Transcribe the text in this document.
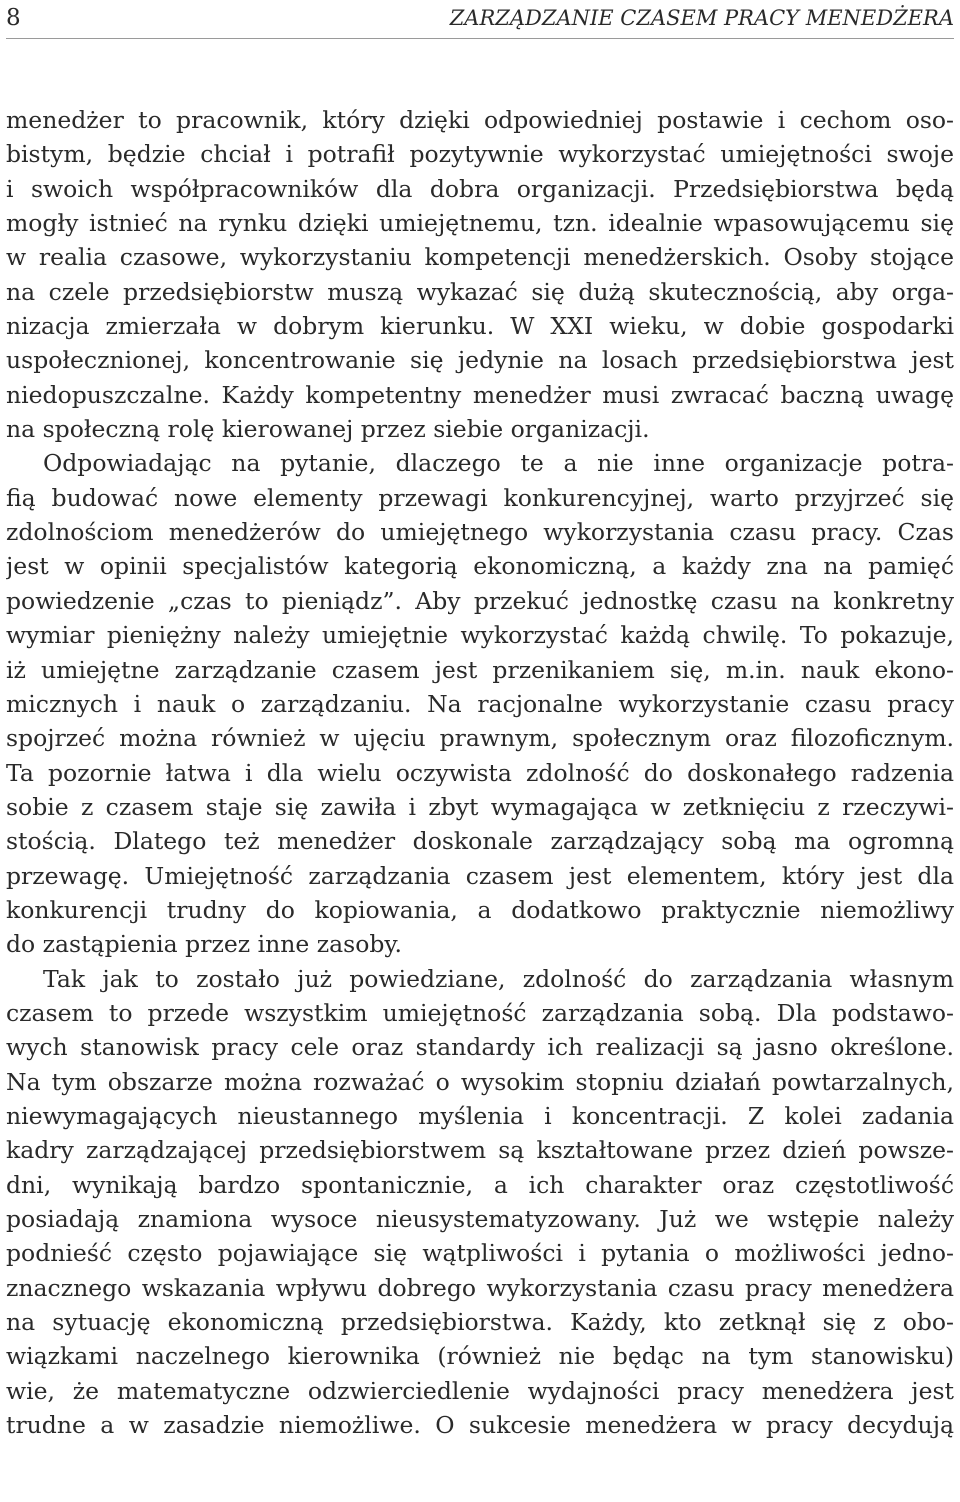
8	ZARZĄDZANIE CZASEM PRACY MENEDŻERA
menedżer to pracownik, który dzięki odpowiedniej postawie i cechom oso-
bistym, będzie chciał i potrafił pozytywnie wykorzystać umiejętności swoje
i swoich współpracowników dla dobra organizacji. Przedsiębiorstwa będą
mogły istnieć na rynku dzięki umiejętnemu, tzn. idealnie wpasowującemu się
w realia czasowe, wykorzystaniu kompetencji menedżerskich. Osoby stojące
na czele przedsiębiorstw muszą wykazać się dużą skutecznością, aby orga-
nizacja zmierzała w dobrym kierunku. W XXI wieku, w dobie gospodarki
uspołecznionej, koncentrowanie się jedynie na losach przedsiębiorstwa jest
niedopuszczalne. Każdy kompetentny menedżer musi zwracać baczną uwagę
na społeczną rolę kierowanej przez siebie organizacji.
Odpowiadając na pytanie, dlaczego te a nie inne organizacje potra-
fią budować nowe elementy przewagi konkurencyjnej, warto przyjrzeć się
zdolnościom menedżerów do umiejętnego wykorzystania czasu pracy. Czas
jest w opinii specjalistów kategorią ekonomiczną, a każdy zna na pamięć
powiedzenie „czas to pieniądz”. Aby przekuć jednostkę czasu na konkretny
wymiar pieniężny należy umiejętnie wykorzystać każdą chwilę. To pokazuje,
iż umiejętne zarządzanie czasem jest przenikaniem się, m.in. nauk ekono-
micznych i nauk o zarządzaniu. Na racjonalne wykorzystanie czasu pracy
spojrzeć można również w ujęciu prawnym, społecznym oraz filozoficznym.
Ta pozornie łatwa i dla wielu oczywista zdolność do doskonałego radzenia
sobie z czasem staje się zawiła i zbyt wymagająca w zetknięciu z rzeczywi-
stością. Dlatego też menedżer doskonale zarządzający sobą ma ogromną
przewagę. Umiejętność zarządzania czasem jest elementem, który jest dla
konkurencji trudny do kopiowania, a dodatkowo praktycznie niemożliwy
do zastąpienia przez inne zasoby.
Tak jak to zostało już powiedziane, zdolność do zarządzania własnym
czasem to przede wszystkim umiejętność zarządzania sobą. Dla podstawo-
wych stanowisk pracy cele oraz standardy ich realizacji są jasno określone.
Na tym obszarze można rozważać o wysokim stopniu działań powtarzalnych,
niewymagających nieustannego myślenia i koncentracji. Z kolei zadania
kadry zarządzającej przedsiębiorstwem są kształtowane przez dzień powsze-
dni, wynikają bardzo spontanicznie, a ich charakter oraz częstotliwość
posiadają znamiona wysoce nieusystematyzowany. Już we wstępie należy
podnieść często pojawiające się wątpliwości i pytania o możliwości jedno-
znacznego wskazania wpływu dobrego wykorzystania czasu pracy menedżera
na sytuację ekonomiczną przedsiębiorstwa. Każdy, kto zetknął się z obo-
wiązkami naczelnego kierownika (również nie będąc na tym stanowisku)
wie, że matematyczne odzwierciedlenie wydajności pracy menedżera jest
trudne a w zasadzie niemożliwe. O sukcesie menedżera w pracy decydują
